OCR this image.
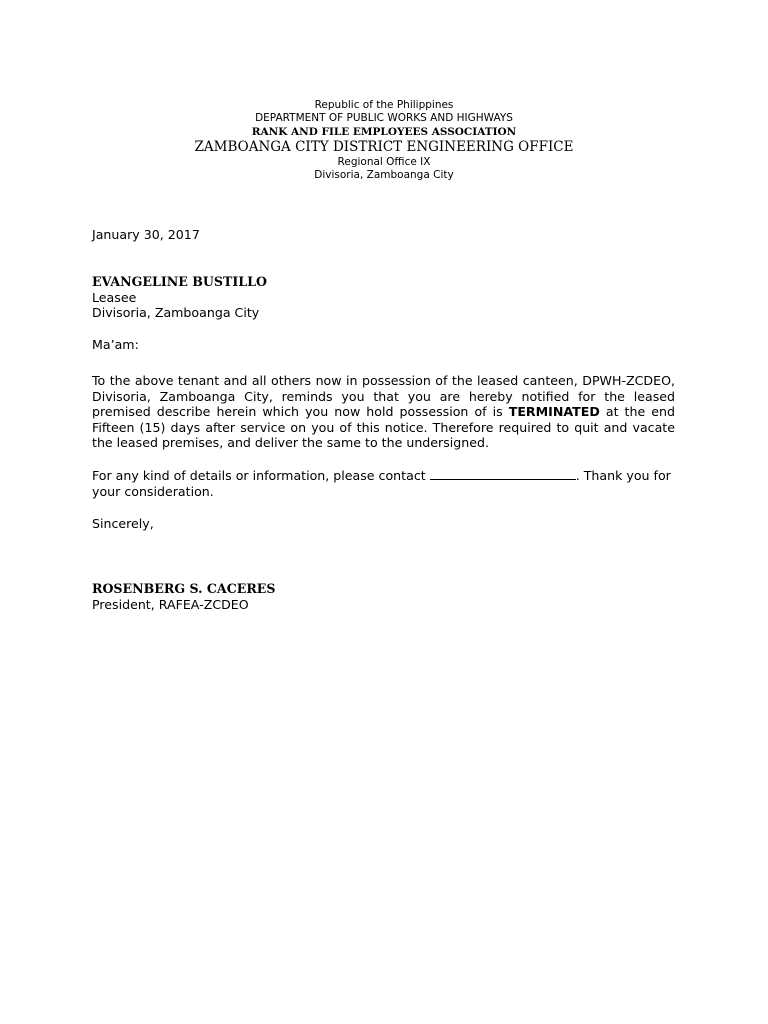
Republic of the Philippines
DEPARTMENT OF PUBLIC WORKS AND HIGHWAYS
RANK AND FILE EMPLOYEES ASSOCIATION
ZAMBOANGA CITY DISTRICT ENGINEERING OFFICE
Regional Office IX
Divisoria, Zamboanga City

January 30, 2017

EVANGELINE BUSTILLO
Leasee
Divisoria, Zamboanga City

Ma’am:

To the above tenant and all others now in possession of the leased canteen, DPWH-ZCDEO, Divisoria, Zamboanga City, reminds you that you are hereby notified for the leased premised describe herein which you now hold possession of is TERMINATED at the end Fifteen (15) days after service on you of this notice. Therefore required to quit and vacate the leased premises, and deliver the same to the undersigned.

For any kind of details or information, please contact	. Thank you for your consideration.

Sincerely,

ROSENBERG S. CACERES
President, RAFEA-ZCDEO
